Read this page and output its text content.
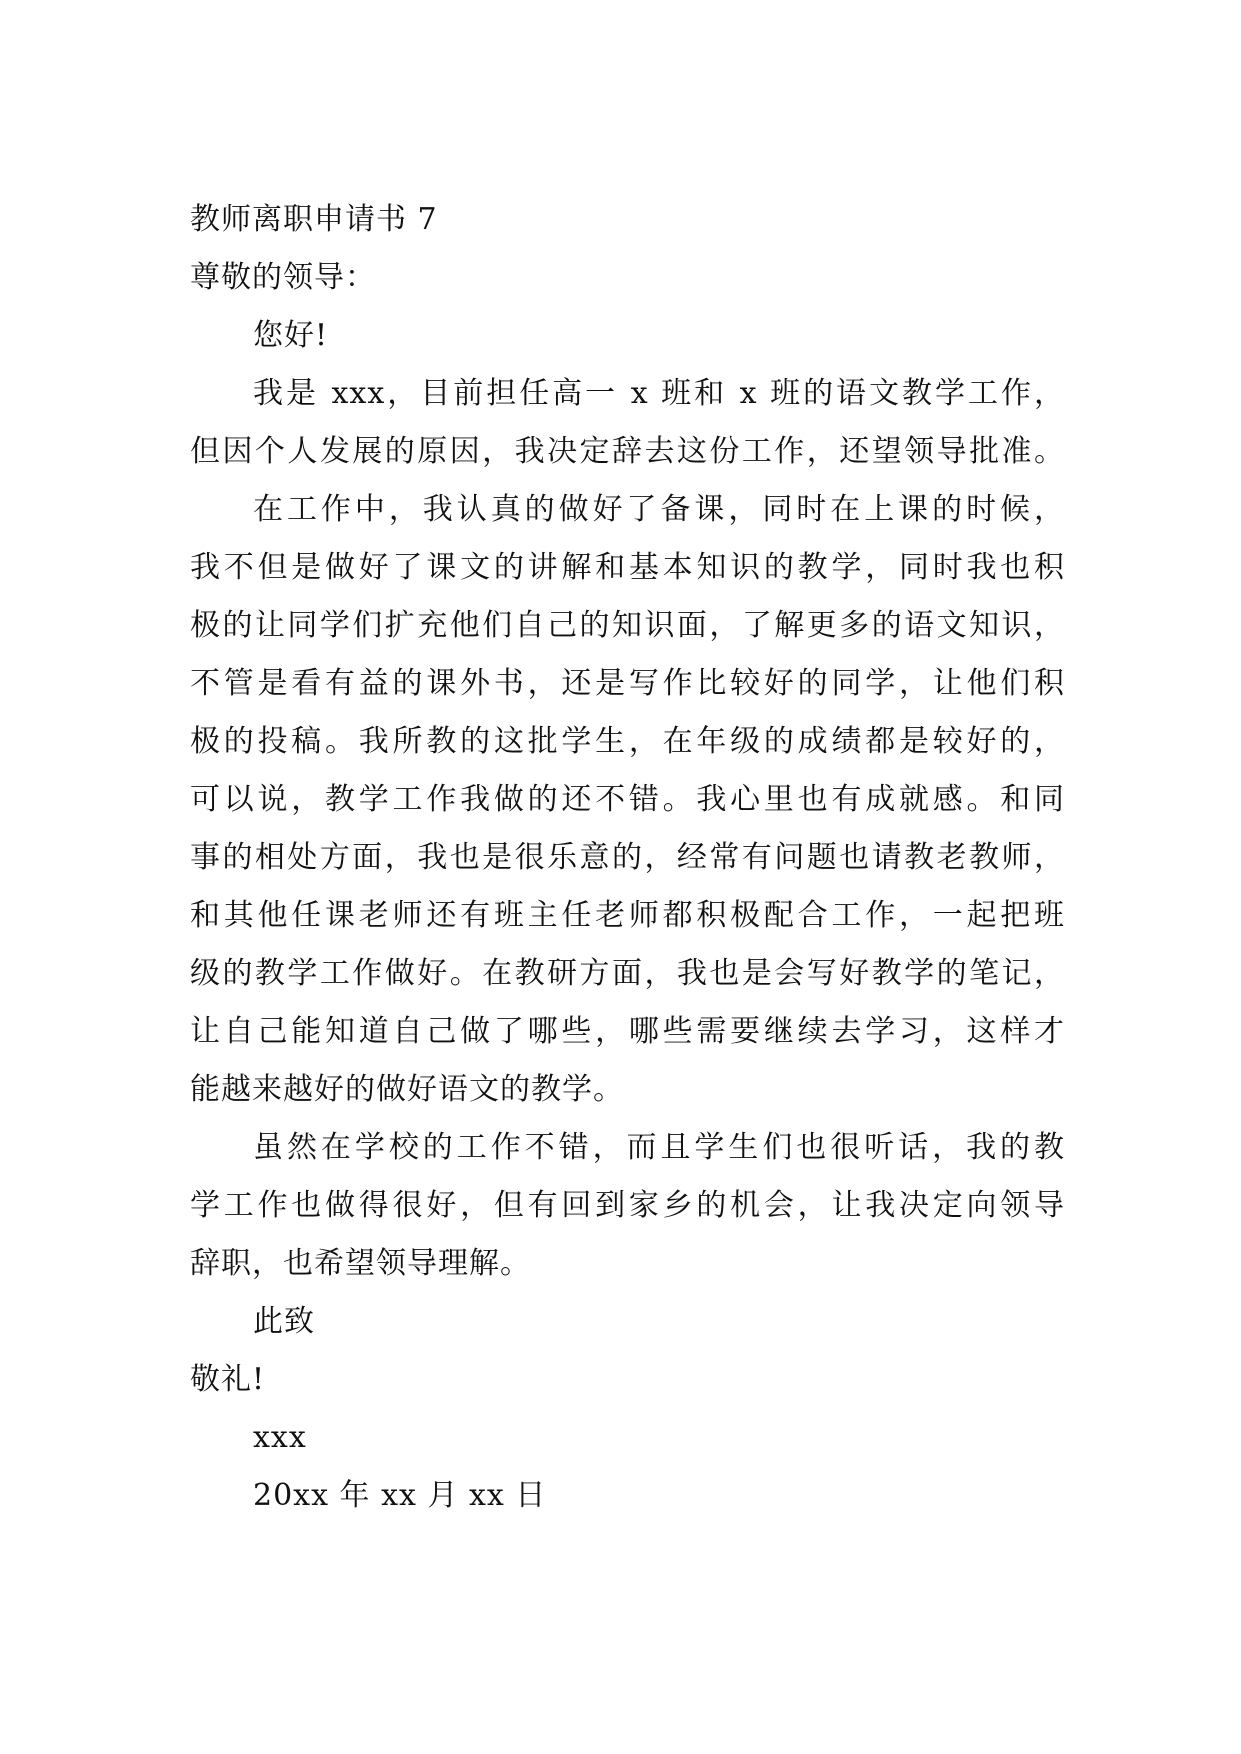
教师离职申请书 7
尊敬的领导：
您好!
我是 xxx，目前担任高一 x 班和 x 班的语文教学工作，
但因个人发展的原因，我决定辞去这份工作，还望领导批准。
在工作中，我认真的做好了备课，同时在上课的时候，
我不但是做好了课文的讲解和基本知识的教学，同时我也积
极的让同学们扩充他们自己的知识面，了解更多的语文知识，
不管是看有益的课外书，还是写作比较好的同学，让他们积
极的投稿。我所教的这批学生，在年级的成绩都是较好的，
可以说，教学工作我做的还不错。我心里也有成就感。和同
事的相处方面，我也是很乐意的，经常有问题也请教老教师，
和其他任课老师还有班主任老师都积极配合工作，一起把班
级的教学工作做好。在教研方面，我也是会写好教学的笔记，
让自己能知道自己做了哪些，哪些需要继续去学习，这样才
能越来越好的做好语文的教学。
虽然在学校的工作不错，而且学生们也很听话，我的教
学工作也做得很好，但有回到家乡的机会，让我决定向领导
辞职，也希望领导理解。
此致
敬礼!
xxx
20xx 年 xx 月 xx 日
